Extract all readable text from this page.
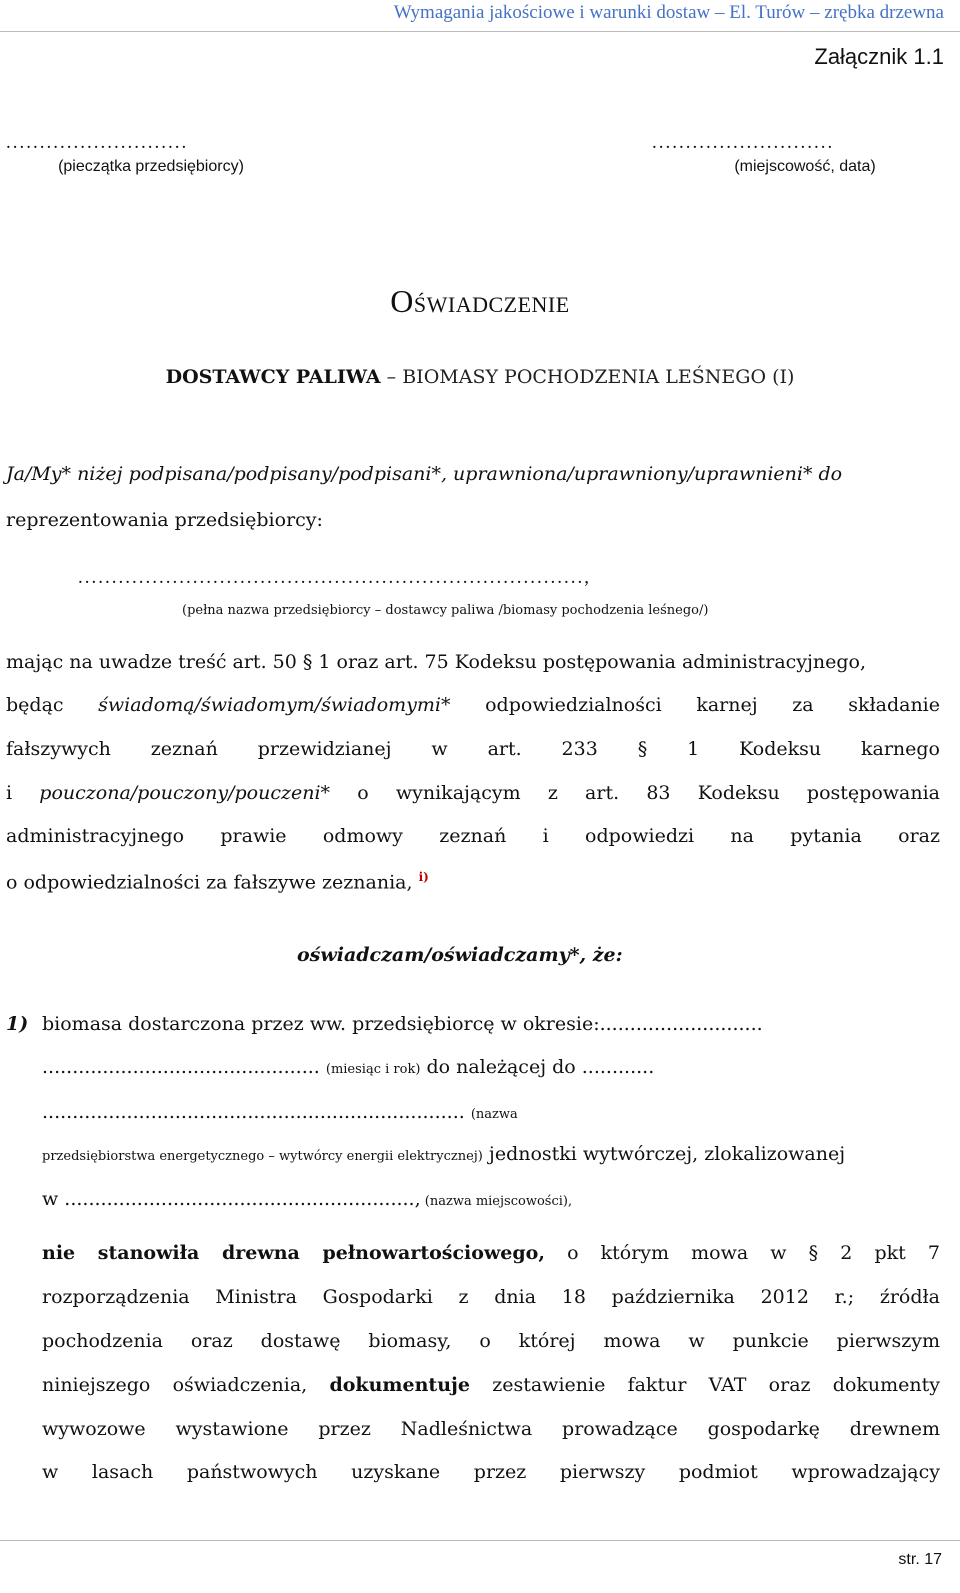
Wymagania jakościowe i warunki dostaw – El. Turów – zrębka drzewna
Załącznik 1.1
...........................
(pieczątka przedsiębiorcy)
...........................
(miejscowość, data)
Oświadczenie
DOSTAWCY PALIWA – BIOMASY POCHODZENIA LEŚNEGO (I)
Ja/My* niżej podpisana/podpisany/podpisani*, uprawniona/uprawniony/uprawnieni* do
reprezentowania przedsiębiorcy:
...........................................................................,
(pełna nazwa przedsiębiorcy – dostawcy paliwa /biomasy pochodzenia leśnego/)
mając na uwadze treść art. 50 § 1 oraz art. 75 Kodeksu postępowania administracyjnego,
będąc świadomą/świadomym/świadomymi* odpowiedzialności karnej za składanie
fałszywych zeznań przewidzianej w art. 233 § 1 Kodeksu karnego
i pouczona/pouczony/pouczeni* o wynikającym z art. 83 Kodeksu postępowania
administracyjnego prawie odmowy zeznań i odpowiedzi na pytania oraz
o odpowiedzialności za fałszywe zeznania, $^{i)}$
oświadczam/oświadczamy*, że:
1) biomasa dostarczona przez ww. przedsiębiorcę w okresie:...........................
.............................................. (miesiąc i rok) do należącej do ............
...................................................................... (nazwa
przedsiębiorstwa energetycznego – wytwórcy energii elektrycznej) jednostki wytwórczej, zlokalizowanej
w .........................................................., (nazwa miejscowości),
nie stanowiła drewna pełnowartościowego, o którym mowa w § 2 pkt 7
rozporządzenia Ministra Gospodarki z dnia 18 października 2012 r.; źródła
pochodzenia oraz dostawę biomasy, o której mowa w punkcie pierwszym
niniejszego oświadczenia, dokumentuje zestawienie faktur VAT oraz dokumenty
wywozowe wystawione przez Nadleśnictwa prowadzące gospodarkę drewnem
w lasach państwowych uzyskane przez pierwszy podmiot wprowadzający
str. 17
